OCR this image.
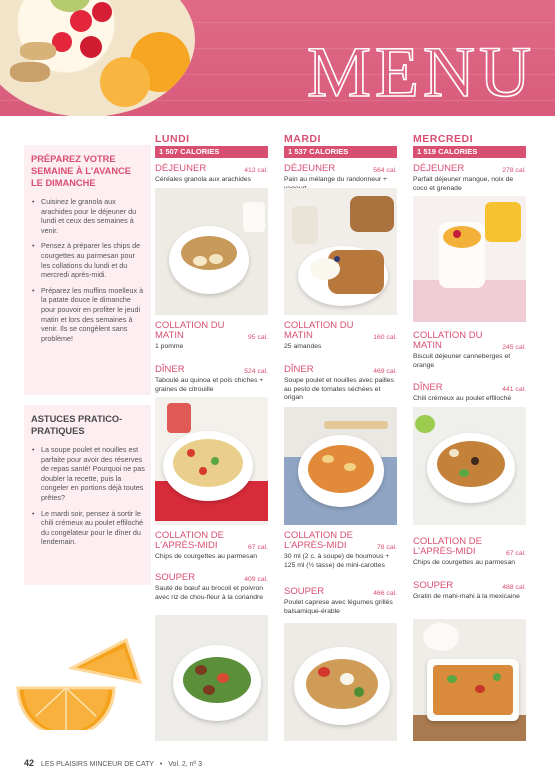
MENU
PRÉPAREZ VOTRE SEMAINE À L'AVANCE LE DIMANCHE
• Cuisinez le granola aux arachides pour le déjeuner du lundi et ceux des semaines à venir.
• Pensez à préparer les chips de courgettes au parmesan pour les collations du lundi et du mercredi après-midi.
• Préparez les muffins moelleux à la patate douce le dimanche pour pouvoir en profiter le jeudi matin et lors des semaines à venir. Ils se congèlent sans problème!
ASTUCES PRATICO-PRATIQUES
• La soupe poulet et nouilles est parfaite pour avoir des réserves de repas santé! Pourquoi ne pas doubler la recette, puis la congeler en portions déjà toutes prêtes?
• Le mardi soir, pensez à sortir le chili crémeux au poulet effiloché du congélateur pour le dîner du lendemain.
LUNDI
1 507 CALORIES
DÉJEUNER	412 cal.
Céréales granola aux arachides
COLLATION DU MATIN	95 cal.
1 pomme
DÎNER	524 cal.
Taboulé au quinoa et pois chiches + graines de citrouille
COLLATION DE L'APRÈS-MIDI	67 cal.
Chips de courgettes au parmesan
SOUPER	409 cal.
Sauté de bœuf au brocoli et poivron avec riz de chou-fleur à la coriandre
MARDI
1 537 CALORIES
DÉJEUNER	564 cal.
Pain au mélange du randonneur +
COLLATION DU MATIN	160 cal.
25 amandes
DÎNER	469 cal.
Soupe poulet et nouilles avec pailles au pesto de tomates séchées et origan
COLLATION DE L'APRÈS-MIDI	78 cal.
30 ml (2 c. à soupe) de houmous + 125 ml (½ tasse) de mini-carottes
SOUPER	466 cal.
Poulet caprese avec légumes grillés balsamique-érable
MERCREDI
1 519 CALORIES
DÉJEUNER	278 cal.
Parfait déjeuner mangue, noix de coco et grenade
COLLATION DU MATIN	245 cal.
Biscuit déjeuner canneberges et orange
DÎNER	441 cal.
Chili crémeux au poulet effiloché
COLLATION DE L'APRÈS-MIDI	67 cal.
Chips de courgettes au parmesan
SOUPER	488 cal.
Gratin de mahi-mahi à la mexicaine
42 LES PLAISIRS MINCEUR DE CATY • Vol. 2, nº 3
